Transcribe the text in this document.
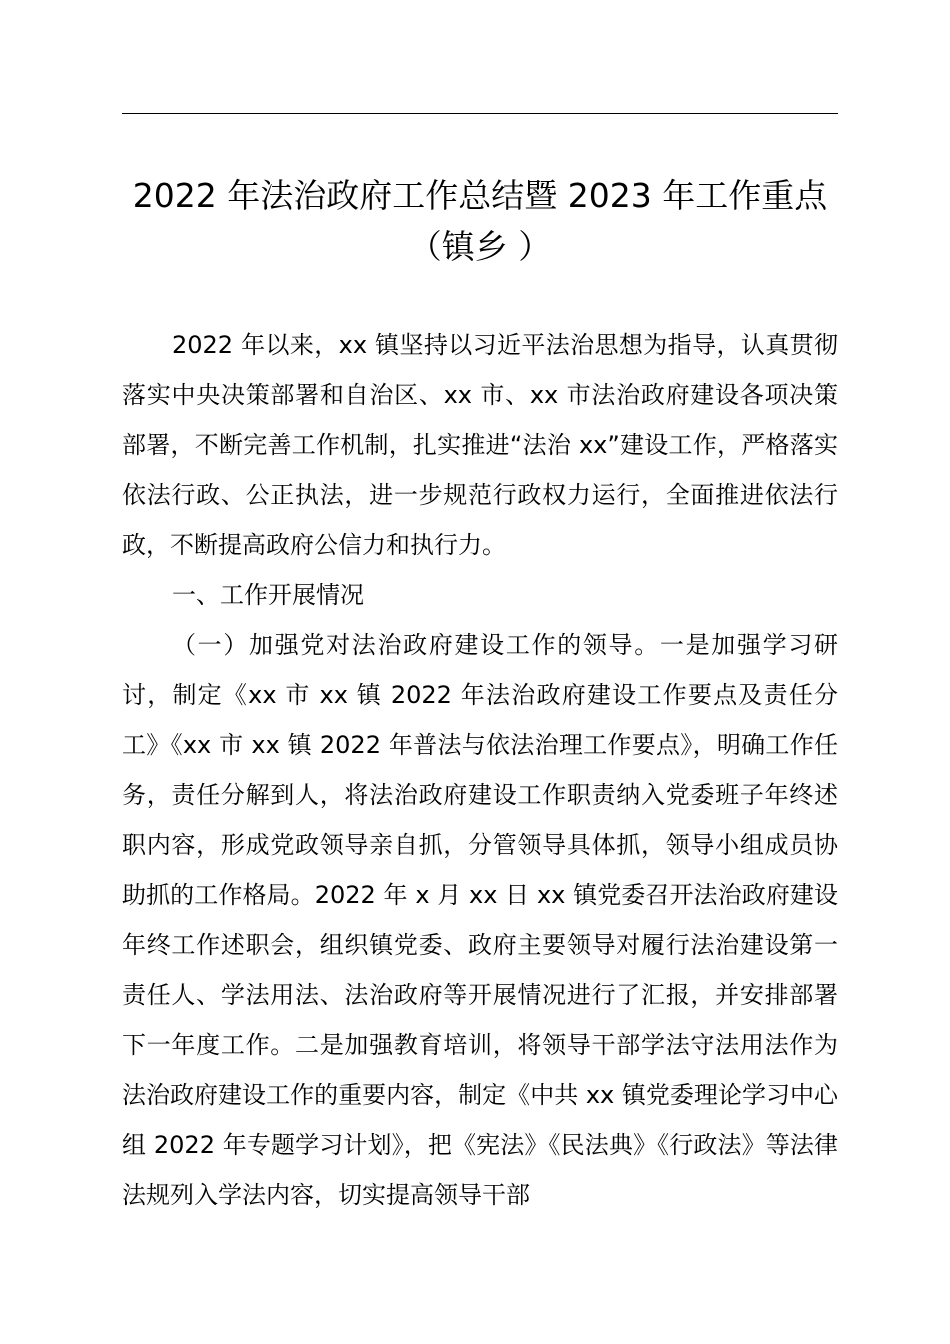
2022 年法治政府工作总结暨 2023 年工作重点
（镇乡 ）

2022 年以来，xx 镇坚持以习近平法治思想为指导，认真贯彻落实中央决策部署和自治区、xx 市、xx 市法治政府建设各项决策部署，不断完善工作机制，扎实推进“法治 xx”建设工作，严格落实依法行政、公正执法，进一步规范行政权力运行，全面推进依法行政，不断提高政府公信力和执行力。

一、工作开展情况

（一）加强党对法治政府建设工作的领导。一是加强学习研讨，制定《xx 市 xx 镇 2022 年法治政府建设工作要点及责任分工》《xx 市 xx 镇 2022 年普法与依法治理工作要点》，明确工作任务，责任分解到人，将法治政府建设工作职责纳入党委班子年终述职内容，形成党政领导亲自抓，分管领导具体抓，领导小组成员协助抓的工作格局。2022 年 x 月 xx 日 xx 镇党委召开法治政府建设年终工作述职会，组织镇党委、政府主要领导对履行法治建设第一责任人、学法用法、法治政府等开展情况进行了汇报，并安排部署下一年度工作。二是加强教育培训，将领导干部学法守法用法作为法治政府建设工作的重要内容，制定《中共 xx 镇党委理论学习中心组 2022 年专题学习计划》，把《宪法》《民法典》《行政法》等法律法规列入学法内容，切实提高领导干部
